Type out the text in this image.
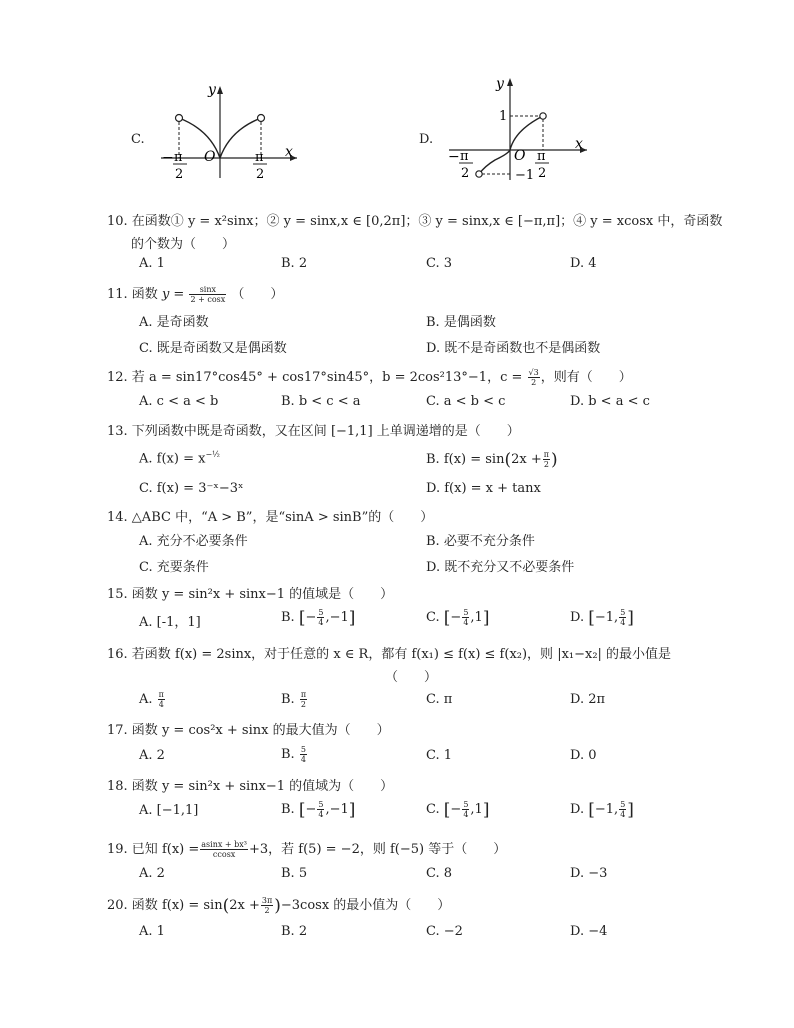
C.
y
x
O
− π
2
π
2
D.
y
x
O
1
−1
− π
2
π
2
10. 在函数① y = x²sinx；② y = sinx,x ∈ [0,2π]；③ y = sinx,x ∈ [−π,π]；④ y = xcosx 中，奇函数
的个数为（　　）
A. 1	B. 2	C. 3	D. 4
11. 函数 $y = \frac{\sin x}{2 + \cos x}$ （　　）
A. 是奇函数	B. 是偶函数
C. 既是奇函数又是偶函数	D. 既不是奇函数也不是偶函数
12. 若 a = sin17°cos45° + cos17°sin45°，b = 2cos²13°−1，$c = \frac{√3}{2}$ ，则有（　　）
A. c < a < b	B. b < c < a	C. a < b < c	D. b < a < c
13. 下列函数中既是奇函数，又在区间 [−1,1] 上单调递增的是（　　）
A. $f(x) = x^{-\frac{1}{2}}$	B. $f(x) = \sin(2x + \frac{\pi}{2}$ )
C. f(x) = 3⁻ˣ−3ˣ	D. f(x) = x + tanx
14. △ABC 中，“A > B”，是“sinA > sinB”的（　　）
A. 充分不必要条件	B. 必要不充分条件
C. 充要条件	D. 既不充分又不必要条件
15. 函数 y = sin²x + sinx−1 的值域是（　　）
A. [-1，1]	B. [− $\frac{5}{4} ,-1$]	C. [− $\frac{5}{4} ,1$]	D. [−1, $\frac{5}{4}$ ]
16. 若函数 f(x) = 2sinx，对于任意的 x ∈ R，都有 f(x₁) ≤ f(x) ≤ f(x₂)，则 |x₁−x₂| 的最小值是
（　　）
A. $\frac{\pi}{4}$	B. $\frac{\pi}{2}$	C. π	D. 2π
17. 函数 y = cos²x + sinx 的最大值为（　　）
A. 2	B. $\frac{5}{4}$	C. 1	D. 0
18. 函数 y = sin²x + sinx−1 的值域为（　　）
A. [−1,1]	B. [− $\frac{5}{4} ,-1$]	C. [− $\frac{5}{4} ,1$]	D. [−1, $\frac{5}{4}$ ]
19. 已知 $f(x) = \frac{\text{asinx + bx³}}{ccosx} +3$，若 f(5) = −2，则 f(−5) 等于（　　）
A. 2	B. 5	C. 8	D. −3
20. 函数 $f(x) = \sin(2x + \frac{3\pi}{2} )-3\cos x$ 的最小值为（　　）
A. 1	B. 2	C. −2	D. −4
